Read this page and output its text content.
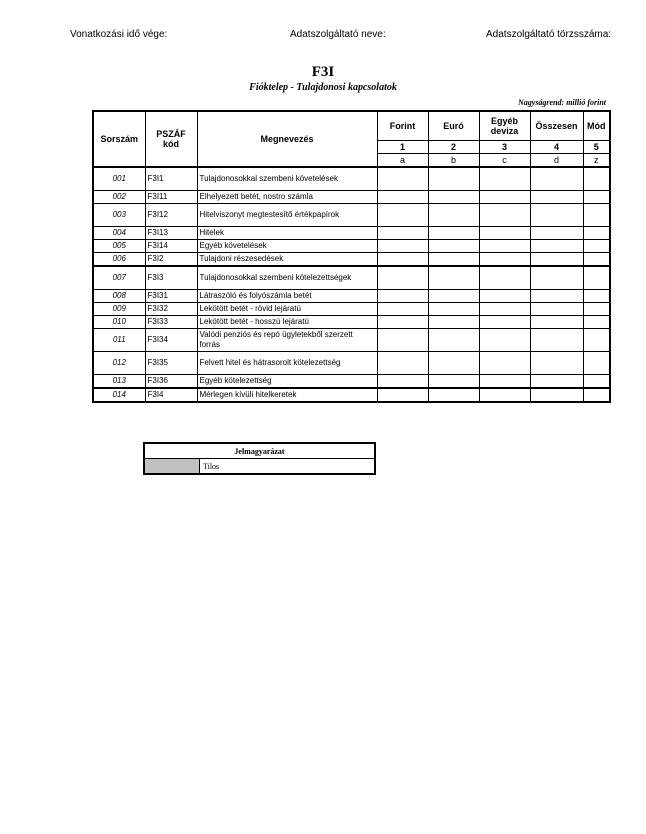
Vonatkozási idő vége:	Adatszolgáltató neve:	Adatszolgáltató törzsszáma:
F3I
Fióktelep - Tulajdonosi kapcsolatok
Nagyságrend: millió forint
Sorszám	PSZÁF kód	Megnevezés	Forint	Euró	Egyéb deviza	Összesen	Mód
			1	2	3	4	5
			a	b	c	d	z
001	F3I1	Tulajdonosokkal szembeni követelések					
002	F3I11	Elhelyezett betét, nostro számla					
003	F3I12	Hitelviszonyt megtestesítő értékpapírok					
004	F3I13	Hitelek					
005	F3I14	Egyéb követelések					
006	F3I2	Tulajdoni részesedések					
007	F3I3	Tulajdonosokkal szembeni kötelezettségek					
008	F3I31	Látraszóló és folyószámla betét					
009	F3I32	Lekötött betét - rövid lejáratú					
010	F3I33	Lekötött betét - hosszú lejáratú					
011	F3I34	Valódi penziós és repó ügyletekből szerzett forrás					
012	F3I35	Felvett hitel és hátrasorolt kötelezettség					
013	F3I36	Egyéb kötelezettség					
014	F3I4	Mérlegen kívüli hitelkeretek					
Jelmagyarázat
	Tilos
